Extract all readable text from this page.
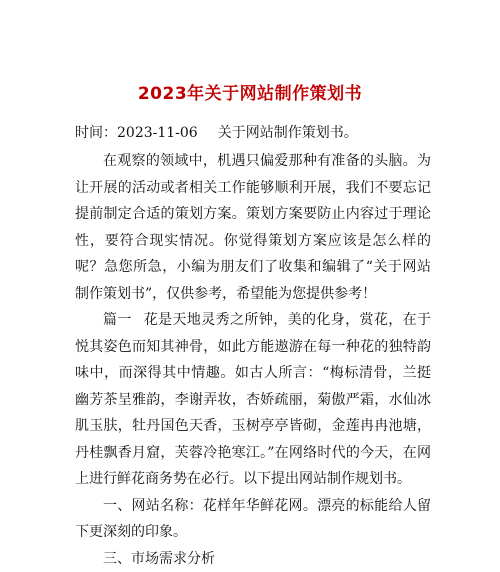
2023年关于网站制作策划书
时间：2023-11-06 关于网站制作策划书。

在观察的领域中，机遇只偏爱那种有准备的头脑。为让开展的活动或者相关工作能够顺利开展，我们不要忘记提前制定合适的策划方案。策划方案要防止内容过于理论性，要符合现实情况。你觉得策划方案应该是怎么样的呢？急您所急，小编为朋友们了收集和编辑了“关于网站制作策划书”，仅供参考，希望能为您提供参考！

篇一 花是天地灵秀之所钟，美的化身，赏花，在于悦其姿色而知其神骨，如此方能遨游在每一种花的独特韵味中，而深得其中情趣。如古人所言：“梅标清骨，兰挺幽芳茶呈雅韵，李谢弄妆，杏娇疏丽，菊傲严霜，水仙冰肌玉肤，牡丹国色天香，玉树亭亭皆砌，金莲冉冉池塘，丹桂飘香月窟，芙蓉冷艳寒江。”在网络时代的今天，在网上进行鲜花商务势在必行。以下提出网站制作规划书。

一、网站名称：花样年华鲜花网。漂亮的标能给人留下更深刻的印象。

三、市场需求分析
